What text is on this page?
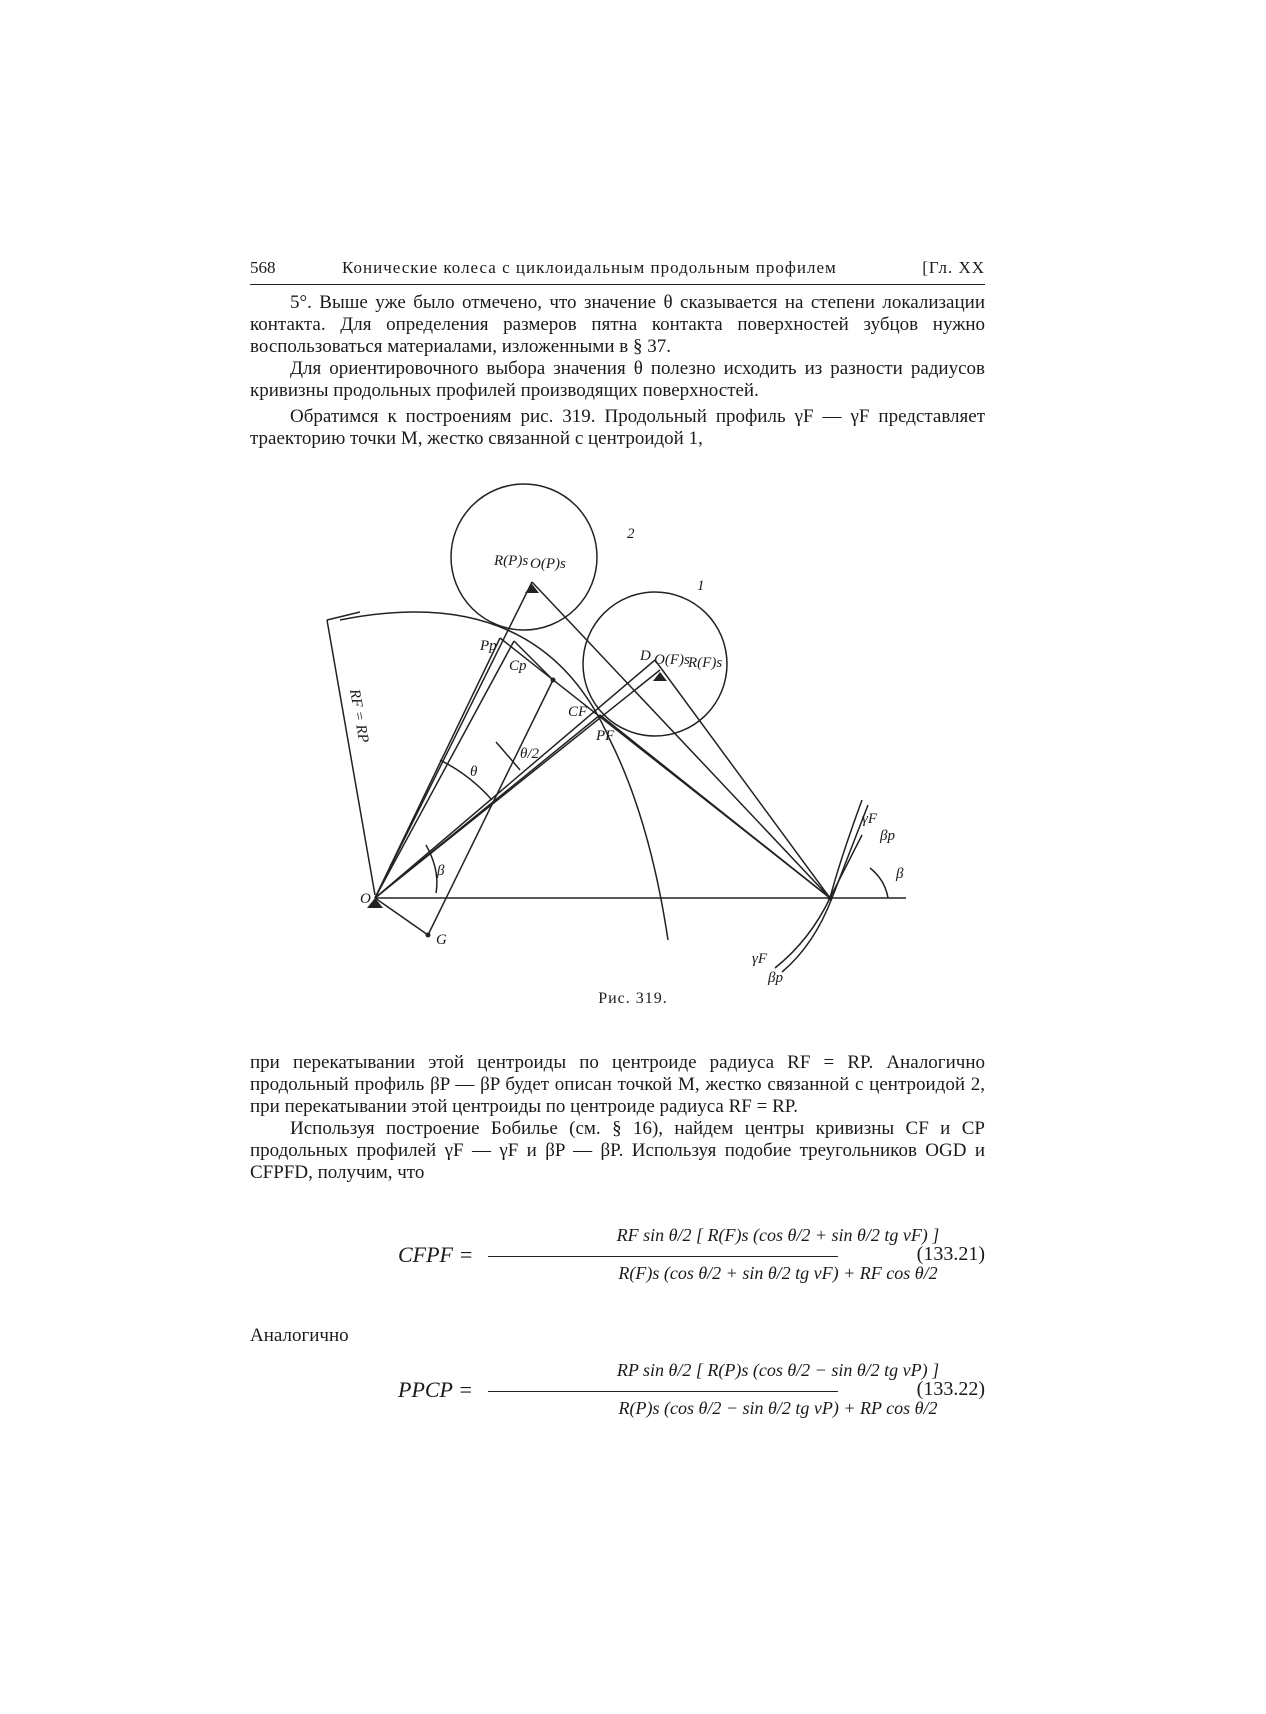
568	Конические колеса с циклоидальным продольным профилем	[Гл. XX

5°. Выше уже было отмечено, что значение θ сказывается на степени локализации контакта. Для определения размеров пятна контакта поверхностей зубцов нужно воспользоваться материалами, изложенными в § 37.

Для ориентировочного выбора значения θ полезно исходить из разности радиусов кривизны продольных профилей производящих поверхностей.

Обратимся к построениям рис. 319. Продольный профиль γF — γF представляет траекторию точки M, жестко связанной с центроидой 1,

2
1
R(P)s O(P)s
D O(F)s
R(F)s
Pp
Cp
CF
PF
RF = RP
θ
θ/2
β
O
G
γF
βp
β
γF
βp
Рис. 319.

при перекатывании этой центроиды по центроиде радиуса RF = RP. Аналогично продольный профиль βP — βP будет описан точкой M, жестко связанной с центроидой 2, при перекатывании этой центроиды по центроиде радиуса RF = RP.

Используя построение Бобилье (см. § 16), найдем центры кривизны CF и CP продольных профилей γF — γF и βP — βP. Используя подобие треугольников OGD и CFPFD, получим, что

CFPF =
RF sin θ/2 [ R(F)s (cos θ/2 + sin θ/2 tg νF) ]
R(F)s (cos θ/2 + sin θ/2 tg νF) + RF cos θ/2
(133.21)
Аналогично
PPCP =
RP sin θ/2 [ R(P)s (cos θ/2 − sin θ/2 tg νP) ]
R(P)s (cos θ/2 − sin θ/2 tg νP) + RP cos θ/2
(133.22)
